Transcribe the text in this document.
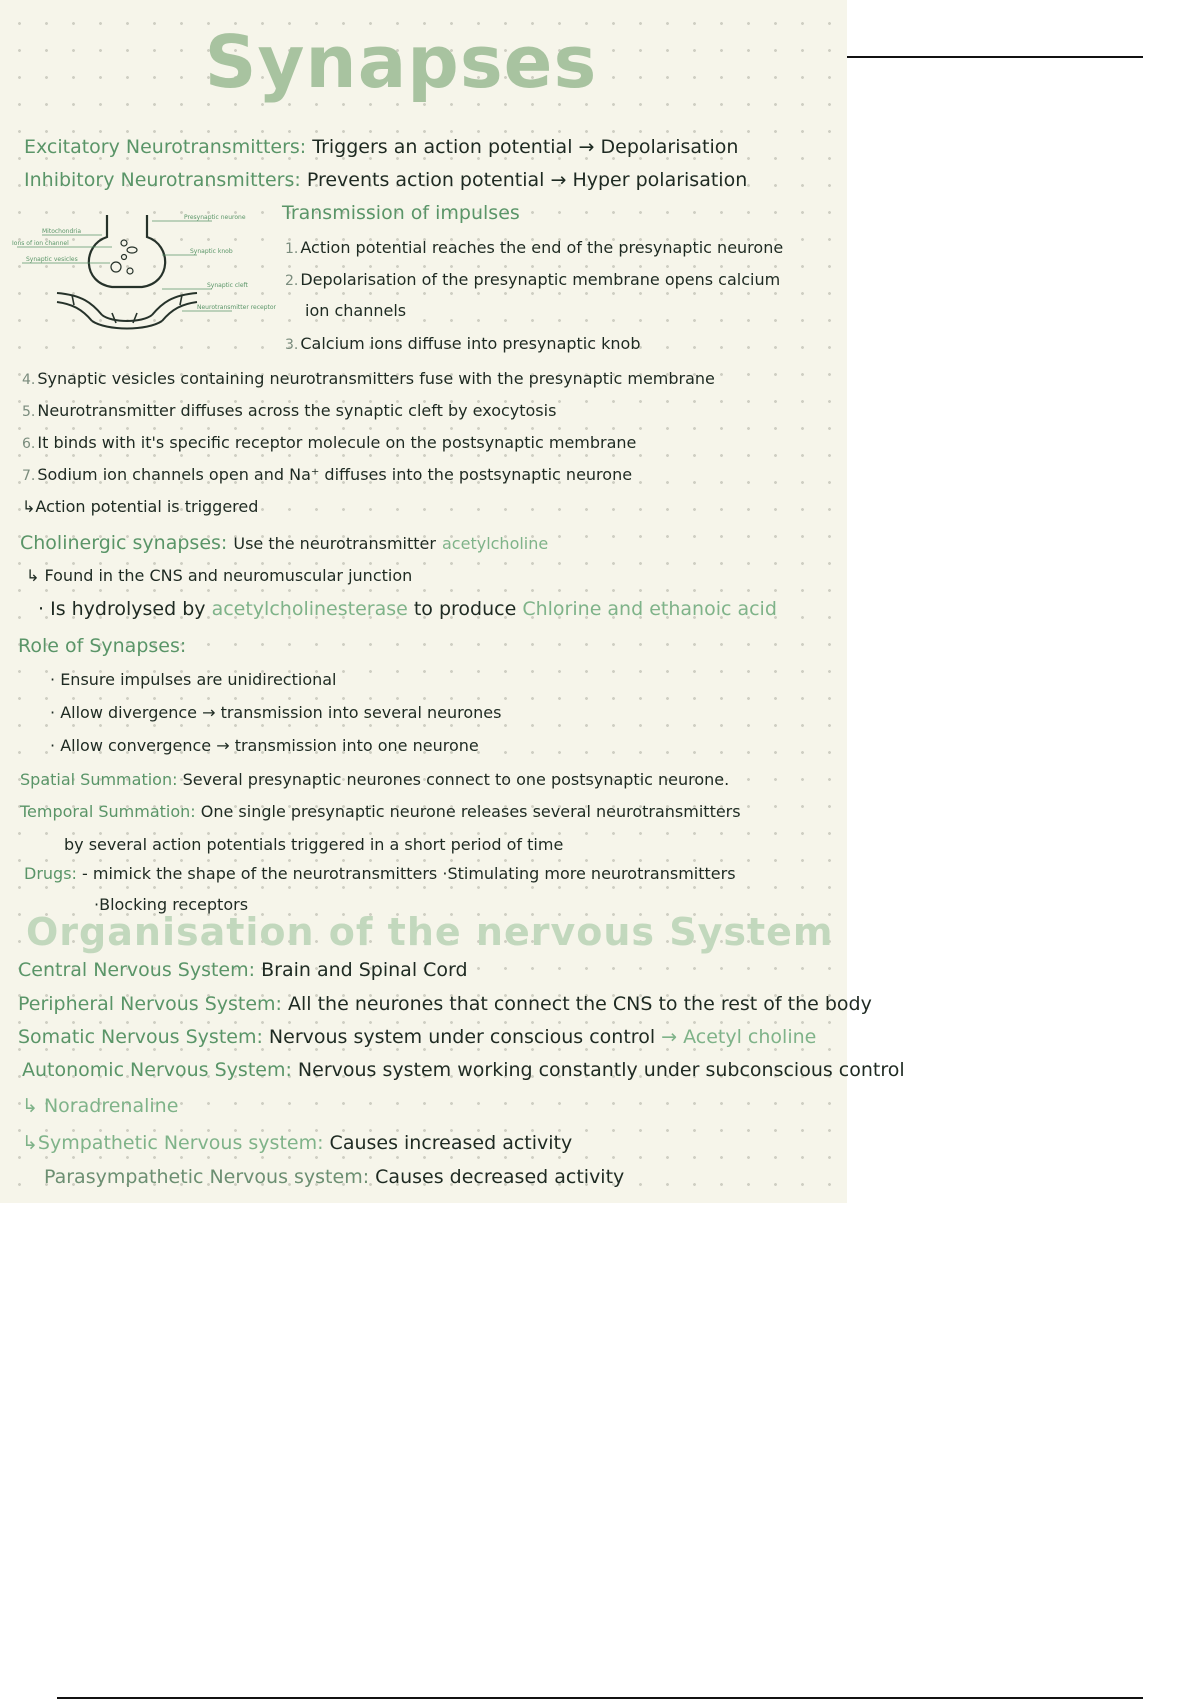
Synapses
Excitatory Neurotransmitters: Triggers an action potential → Depolarisation
Inhibitory Neurotransmitters: Prevents action potential → Hyper polarisation
Transmission of impulses
Presynaptic neurone
Mitochondria
Ions of ion channel
Synaptic vesicles
Synaptic knob
Synaptic cleft
Neurotransmitter receptor
1. Action potential reaches the end of the presynaptic neurone
2. Depolarisation of the presynaptic membrane opens calcium
ion channels
3. Calcium ions diffuse into presynaptic knob
4. Synaptic vesicles containing neurotransmitters fuse with the presynaptic membrane
5. Neurotransmitter diffuses across the synaptic cleft by exocytosis
6. It binds with it's specific receptor molecule on the postsynaptic membrane
7. Sodium ion channels open and Na⁺ diffuses into the postsynaptic neurone
↳Action potential is triggered
Cholinergic synapses: Use the neurotransmitter acetylcholine
↳ Found in the CNS and neuromuscular junction
· Is hydrolysed by acetylcholinesterase to produce Chlorine and ethanoic acid
Role of Synapses:
· Ensure impulses are unidirectional
· Allow divergence → transmission into several neurones
· Allow convergence → transmission into one neurone
Spatial Summation: Several presynaptic neurones connect to one postsynaptic neurone.
Temporal Summation: One single presynaptic neurone releases several neurotransmitters
by several action potentials triggered in a short period of time
Drugs: - mimick the shape of the neurotransmitters ·Stimulating more neurotransmitters
·Blocking receptors
Organisation of the nervous System
Central Nervous System: Brain and Spinal Cord
Peripheral Nervous System: All the neurones that connect the CNS to the rest of the body
Somatic Nervous System: Nervous system under conscious control → Acetyl choline
Autonomic Nervous System: Nervous system working constantly under subconscious control
↳ Noradrenaline
↳Sympathetic Nervous system: Causes increased activity
Parasympathetic Nervous system: Causes decreased activity
